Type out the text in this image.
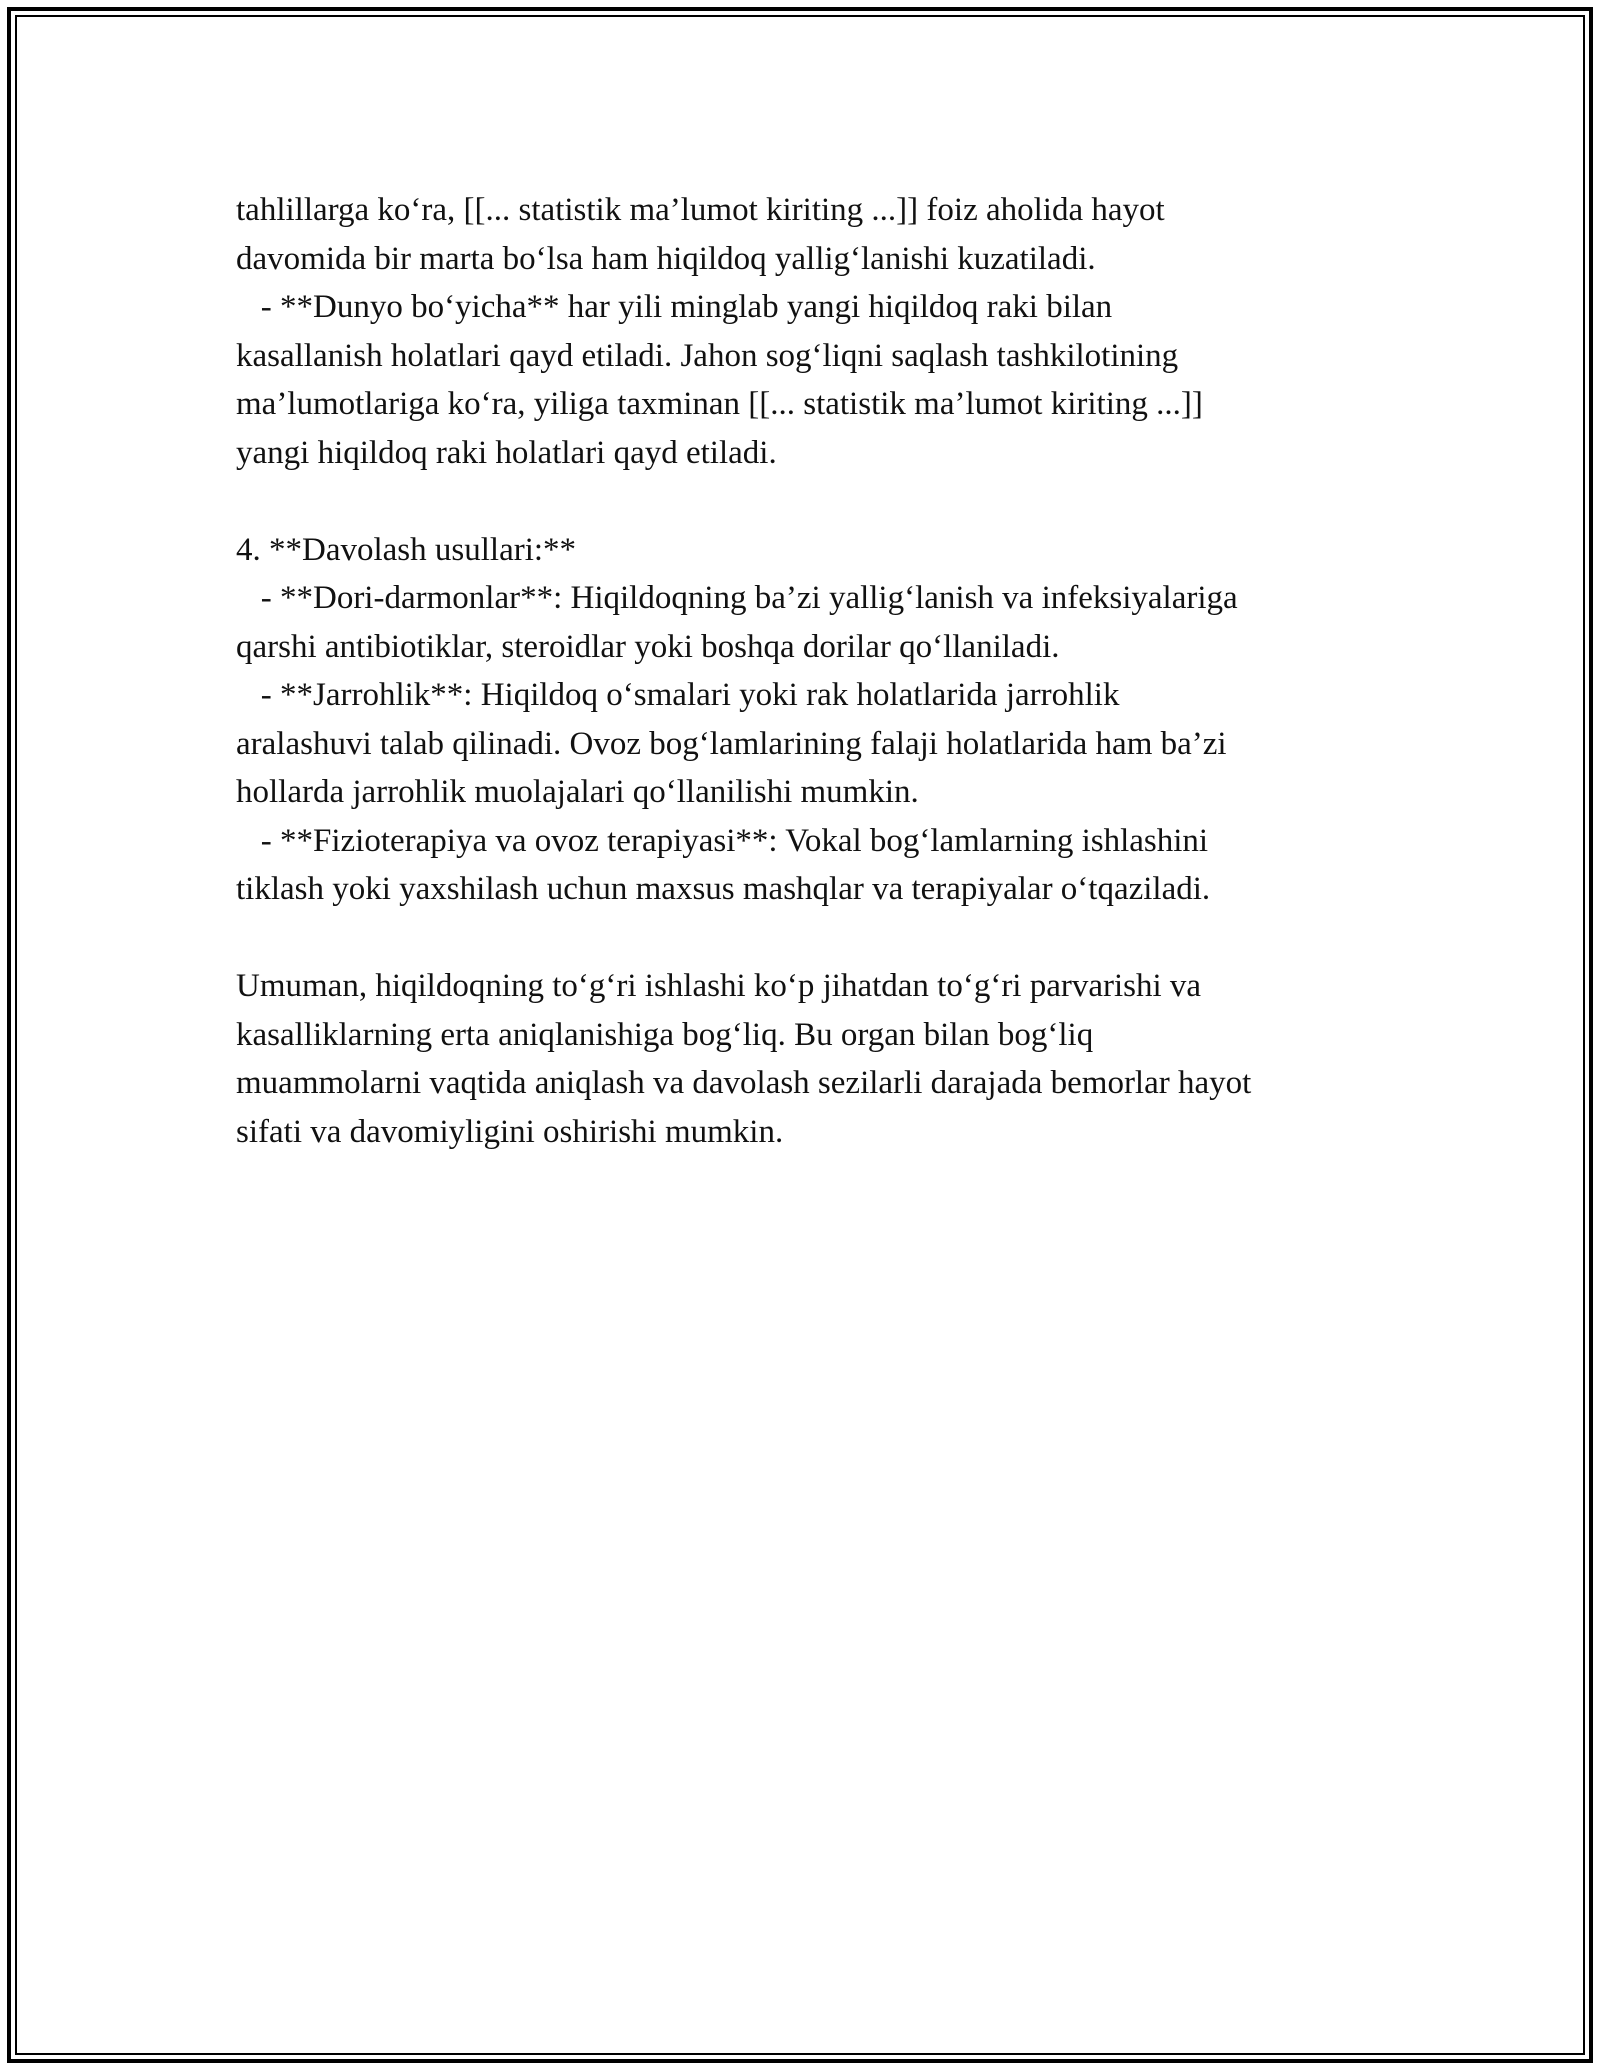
tahlillarga ko‘ra, [[... statistik ma’lumot kiriting ...]] foiz aholida hayot
davomida bir marta bo‘lsa ham hiqildoq yallig‘lanishi kuzatiladi.
- **Dunyo bo‘yicha** har yili minglab yangi hiqildoq raki bilan
kasallanish holatlari qayd etiladi. Jahon sog‘liqni saqlash tashkilotining
ma’lumotlariga ko‘ra, yiliga taxminan [[... statistik ma’lumot kiriting ...]]
yangi hiqildoq raki holatlari qayd etiladi.
4. **Davolash usullari:**
- **Dori-darmonlar**: Hiqildoqning ba’zi yallig‘lanish va infeksiyalariga
qarshi antibiotiklar, steroidlar yoki boshqa dorilar qo‘llaniladi.
- **Jarrohlik**: Hiqildoq o‘smalari yoki rak holatlarida jarrohlik
aralashuvi talab qilinadi. Ovoz bog‘lamlarining falaji holatlarida ham ba’zi
hollarda jarrohlik muolajalari qo‘llanilishi mumkin.
- **Fizioterapiya va ovoz terapiyasi**: Vokal bog‘lamlarning ishlashini
tiklash yoki yaxshilash uchun maxsus mashqlar va terapiyalar o‘tqaziladi.
Umuman, hiqildoqning to‘g‘ri ishlashi ko‘p jihatdan to‘g‘ri parvarishi va
kasalliklarning erta aniqlanishiga bog‘liq. Bu organ bilan bog‘liq
muammolarni vaqtida aniqlash va davolash sezilarli darajada bemorlar hayot
sifati va davomiyligini oshirishi mumkin.
